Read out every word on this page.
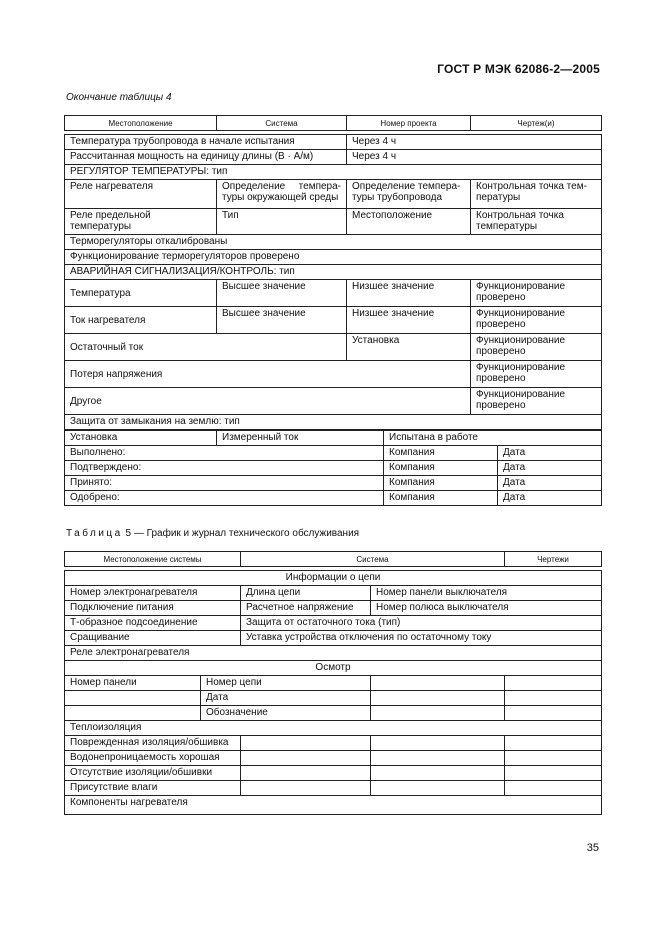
ГОСТ Р МЭК 62086-2—2005
Окончание таблицы 4
Местоположение	Система	Номер проекта	Чертеж(и)

Температура трубопровода в начале испытания		Через 4 ч	
Рассчитанная мощность на единицу длины (В · А/м)		Через 4 ч	
РЕГУЛЯТОР ТЕМПЕРАТУРЫ: тип			
Реле нагревателя	Определение темпера-туры окружающей среды	Определение темпера-туры трубопровода	Контрольная точка тем-пературы
Реле предельной температуры	Тип	Местоположение	Контрольная точка температуры
Терморегуляторы откалиброваны			
Функционирование терморегуляторов проверено			
АВАРИЙНАЯ СИГНАЛИЗАЦИЯ/КОНТРОЛЬ: тип			
Температура	Высшее значение	Низшее значение	Функционирование проверено
Ток нагревателя	Высшее значение	Низшее значение	Функционирование проверено
Остаточный ток		Установка	Функционирование проверено
Потеря напряжения			Функционирование проверено
Другое			Функционирование проверено
Защита от замыкания на землю: тип			
Установка	Измеренный ток	Испытана в работе	
Выполнено:		Компания	Дата
Подтверждено:		Компания	Дата
Принято:		Компания	Дата
Одобрено:		Компания	Дата
Таблица 5 — График и журнал технического обслуживания
Местоположение системы		Система		Чертежи

Информации о цепи				
Номер электронагревателя		Длина цепи	Номер панели выключателя	
Подключение питания		Расчетное напряжение	Номер полюса выключателя	
Т-образное подсоединение		Защита от остаточного тока (тип)		
Сращивание		Уставка устройства отключения по остаточному току		
Реле электронагревателя				
Осмотр				
Номер панели	Номер цепи			
	Дата			
	Обозначение			
Теплоизоляция				
Поврежденная изоляция/обшивка				
Водонепроницаемость хорошая				
Отсутствие изоляции/обшивки				
Присутствие влаги				
Компоненты нагревателя				
35
